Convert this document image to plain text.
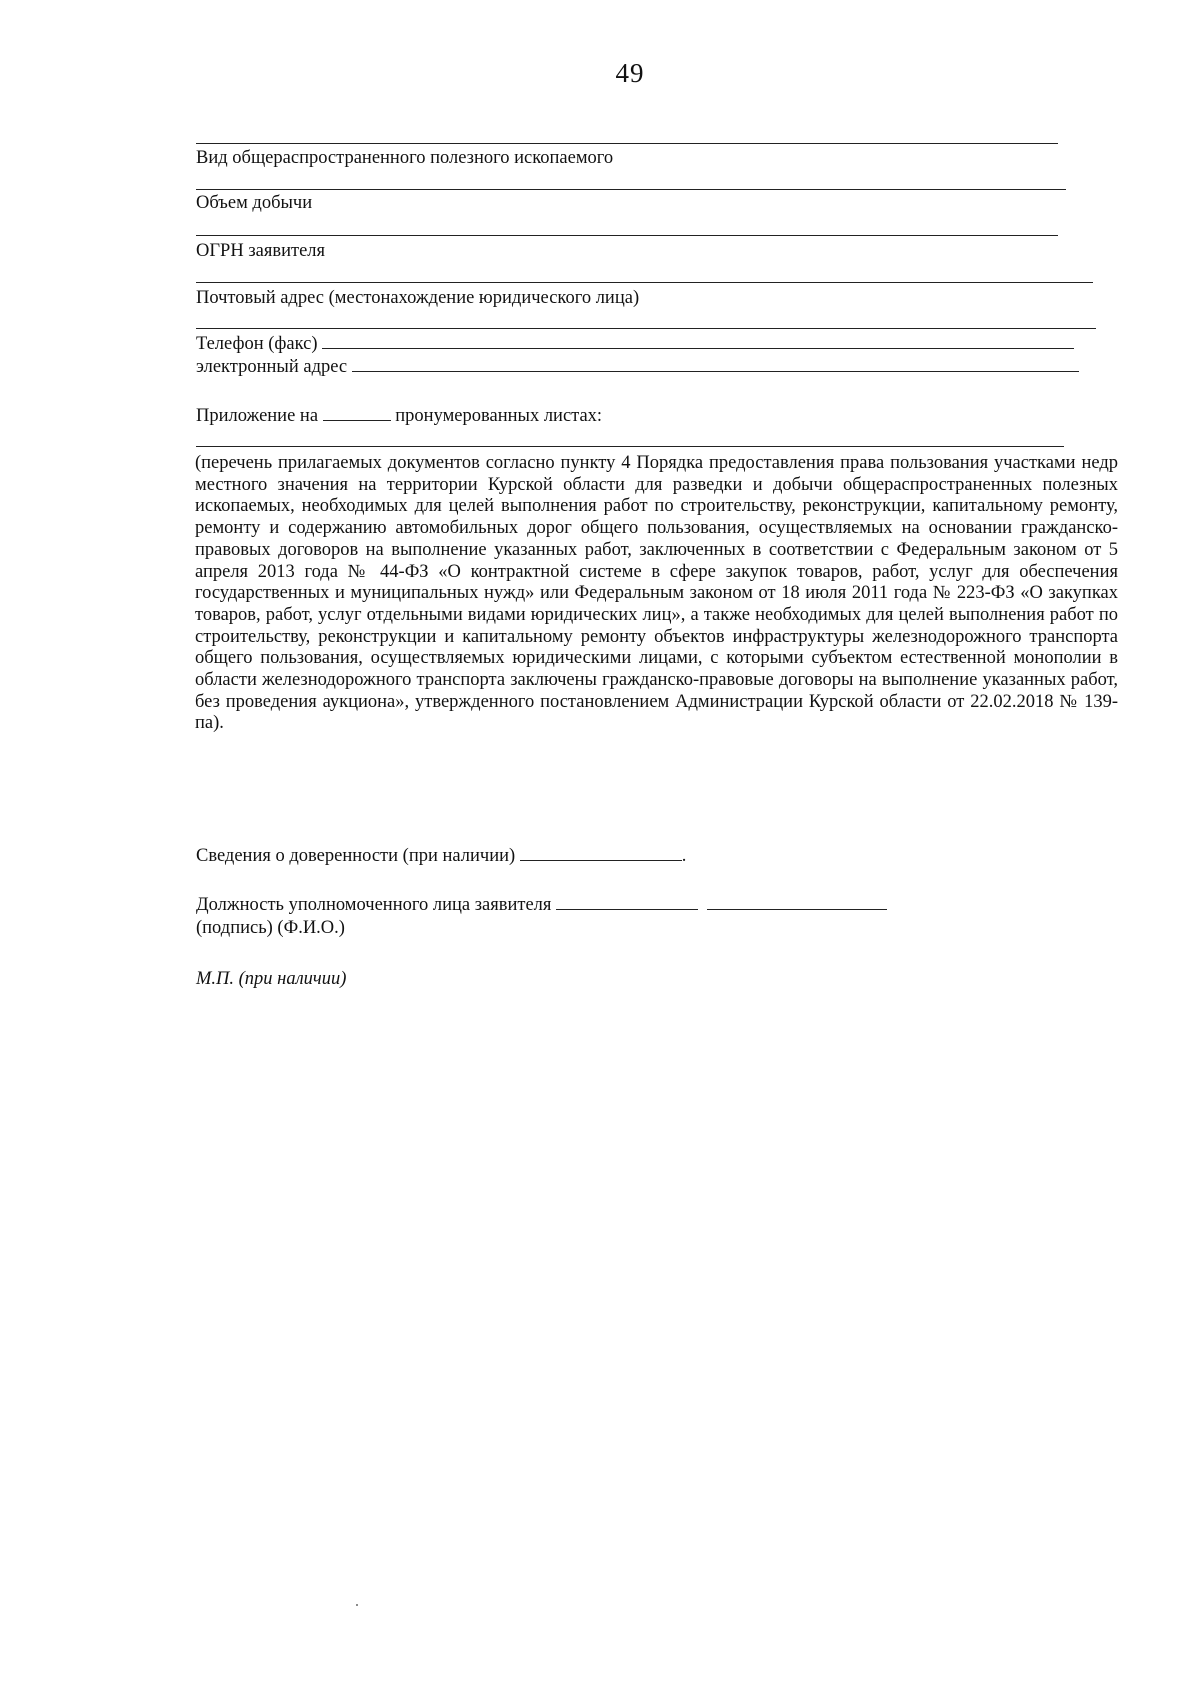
49
Вид общераспространенного полезного ископаемого
Объем добычи
ОГРН заявителя
Почтовый адрес (местонахождение юридического лица)
Телефон (факс)
электронный адрес
Приложение на	пронумерованных листах:

(перечень прилагаемых документов согласно пункту 4 Порядка предоставления права пользования участками недр местного значения на территории Курской области для разведки и добычи общераспространенных полезных ископаемых, необходимых для целей выполнения работ по строительству, реконструкции, капитальному ремонту, ремонту и содержанию автомобильных дорог общего пользования, осуществляемых на основании гражданско-правовых договоров на выполнение указанных работ, заключенных в соответствии с Федеральным законом от 5 апреля 2013 года № 44-ФЗ «О контрактной системе в сфере закупок товаров, работ, услуг для обеспечения государственных и муниципальных нужд» или Федеральным законом от 18 июля 2011 года № 223-ФЗ «О закупках товаров, работ, услуг отдельными видами юридических лиц», а также необходимых для целей выполнения работ по строительству, реконструкции и капитальному ремонту объектов инфраструктуры железнодорожного транспорта общего пользования, осуществляемых юридическими лицами, с которыми субъектом естественной монополии в области железнодорожного транспорта заключены гражданско-правовые договоры на выполнение указанных работ, без проведения аукциона», утвержденного постановлением Администрации Курской области от 22.02.2018 № 139-па).

Сведения о доверенности (при наличии)	.
Должность уполномоченного лица заявителя
(подпись) (Ф.И.О.)
М.П. (при наличии)
